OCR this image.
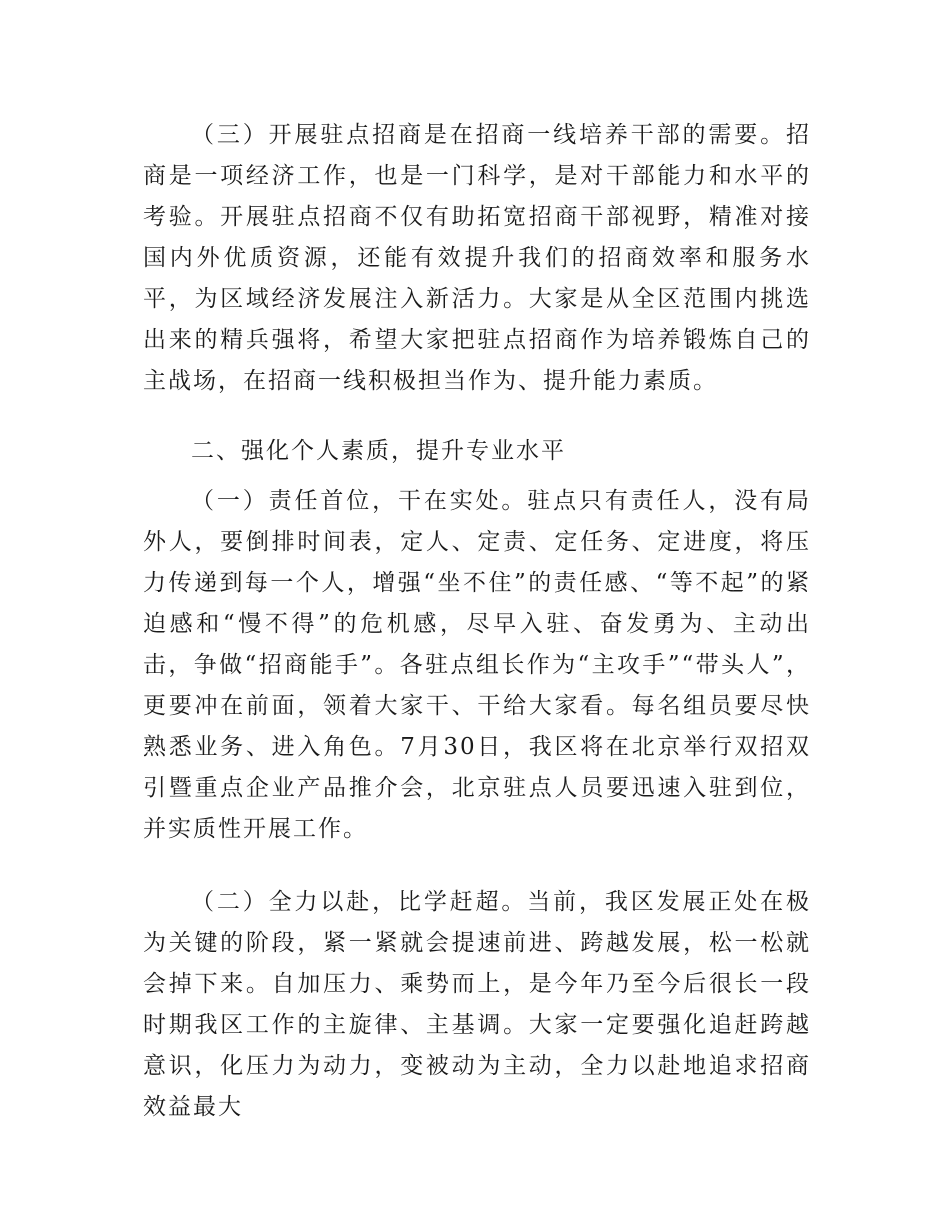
（三）开展驻点招商是在招商一线培养干部的需要。招商是一项经济工作，也是一门科学，是对干部能力和水平的考验。开展驻点招商不仅有助拓宽招商干部视野，精准对接国内外优质资源，还能有效提升我们的招商效率和服务水平，为区域经济发展注入新活力。大家是从全区范围内挑选出来的精兵强将，希望大家把驻点招商作为培养锻炼自己的主战场，在招商一线积极担当作为、提升能力素质。

二、强化个人素质，提升专业水平

（一）责任首位，干在实处。驻点只有责任人，没有局外人，要倒排时间表，定人、定责、定任务、定进度，将压力传递到每一个人，增强“坐不住”的责任感、“等不起”的紧迫感和“慢不得”的危机感，尽早入驻、奋发勇为、主动出击，争做“招商能手”。各驻点组长作为“主攻手”“带头人”，更要冲在前面，领着大家干、干给大家看。每名组员要尽快熟悉业务、进入角色。7月30日，我区将在北京举行双招双引暨重点企业产品推介会，北京驻点人员要迅速入驻到位，并实质性开展工作。

（二）全力以赴，比学赶超。当前，我区发展正处在极为关键的阶段，紧一紧就会提速前进、跨越发展，松一松就会掉下来。自加压力、乘势而上，是今年乃至今后很长一段时期我区工作的主旋律、主基调。大家一定要强化追赶跨越意识，化压力为动力，变被动为主动，全力以赴地追求招商效益最大
